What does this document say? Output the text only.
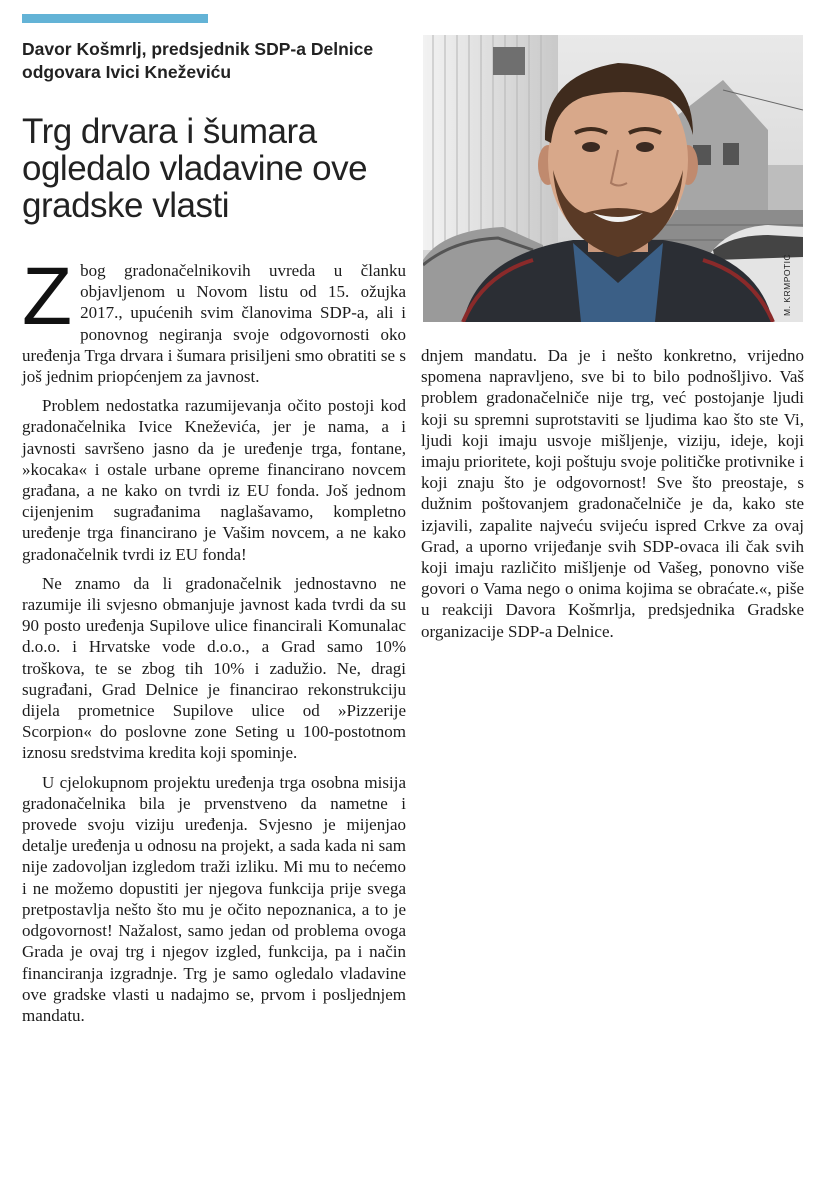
Davor Košmrlj, predsjednik SDP-a Delnice odgovara Ivici Kneževiću
Trg drvara i šumara ogledalo vladavine ove gradske vlasti
M. KRMPOTIĆ

Zbog gradonačelnikovih uvreda u članku objavljenom u Novom listu od 15. ožujka 2017., upućenih svim članovima SDP-a, ali i ponovnog negiranja svoje odgovornosti oko uređenja Trga drvara i šumara prisiljeni smo obratiti se s još jednim priopćenjem za javnost.

Problem nedostatka razumijevanja očito postoji kod gradonačelnika Ivice Kneževića, jer je nama, a i javnosti savršeno jasno da je uređenje trga, fontane, »kocaka« i ostale urbane opreme financirano novcem građana, a ne kako on tvrdi iz EU fonda. Još jednom cijenjenim sugrađanima naglašavamo, kompletno uređenje trga financirano je Vašim novcem, a ne kako gradonačelnik tvrdi iz EU fonda!

Ne znamo da li gradonačelnik jednostavno ne razumije ili svjesno obmanjuje javnost kada tvrdi da su 90 posto uređenja Supilove ulice financirali Komunalac d.o.o. i Hrvatske vode d.o.o., a Grad samo 10% troškova, te se zbog tih 10% i zadužio. Ne, dragi sugrađani, Grad Delnice je financirao rekonstrukciju dijela prometnice Supilove ulice od »Pizzerije Scorpion« do poslovne zone Seting u 100-postotnom iznosu sredstvima kredita koji spominje.

U cjelokupnom projektu uređenja trga osobna misija gradonačelnika bila je prvenstveno da nametne i provede svoju viziju uređenja. Svjesno je mijenjao detalje uređenja u odnosu na projekt, a sada kada ni sam nije zadovoljan izgledom traži izliku. Mi mu to nećemo i ne možemo dopustiti jer njegova funkcija prije svega pretpostavlja nešto što mu je očito nepoznanica, a to je odgovornost! Nažalost, samo jedan od problema ovoga Grada je ovaj trg i njegov izgled, funkcija, pa i način financiranja izgradnje. Trg je samo ogledalo vladavine ove gradske vlasti u nadajmo se, prvom i posljednjem mandatu.

dnjem mandatu. Da je i nešto konkretno, vrijedno spomena napravljeno, sve bi to bilo podnošljivo. Vaš problem gradonačelniče nije trg, već postojanje ljudi koji su spremni suprotstaviti se ljudima kao što ste Vi, ljudi koji imaju usvoje mišljenje, viziju, ideje, koji imaju prioritete, koji poštuju svoje političke protivnike i koji znaju što je odgovornost! Sve što preostaje, s dužnim poštovanjem gradonačelniče je da, kako ste izjavili, zapalite najveću svijeću ispred Crkve za ovaj Grad, a uporno vrijeđanje svih SDP-ovaca ili čak svih koji imaju različito mišljenje od Vašeg, ponovno više govori o Vama nego o onima kojima se obraćate.«, piše u reakciji Davora Košmrlja, predsjednika Gradske organizacije SDP-a Delnice.
